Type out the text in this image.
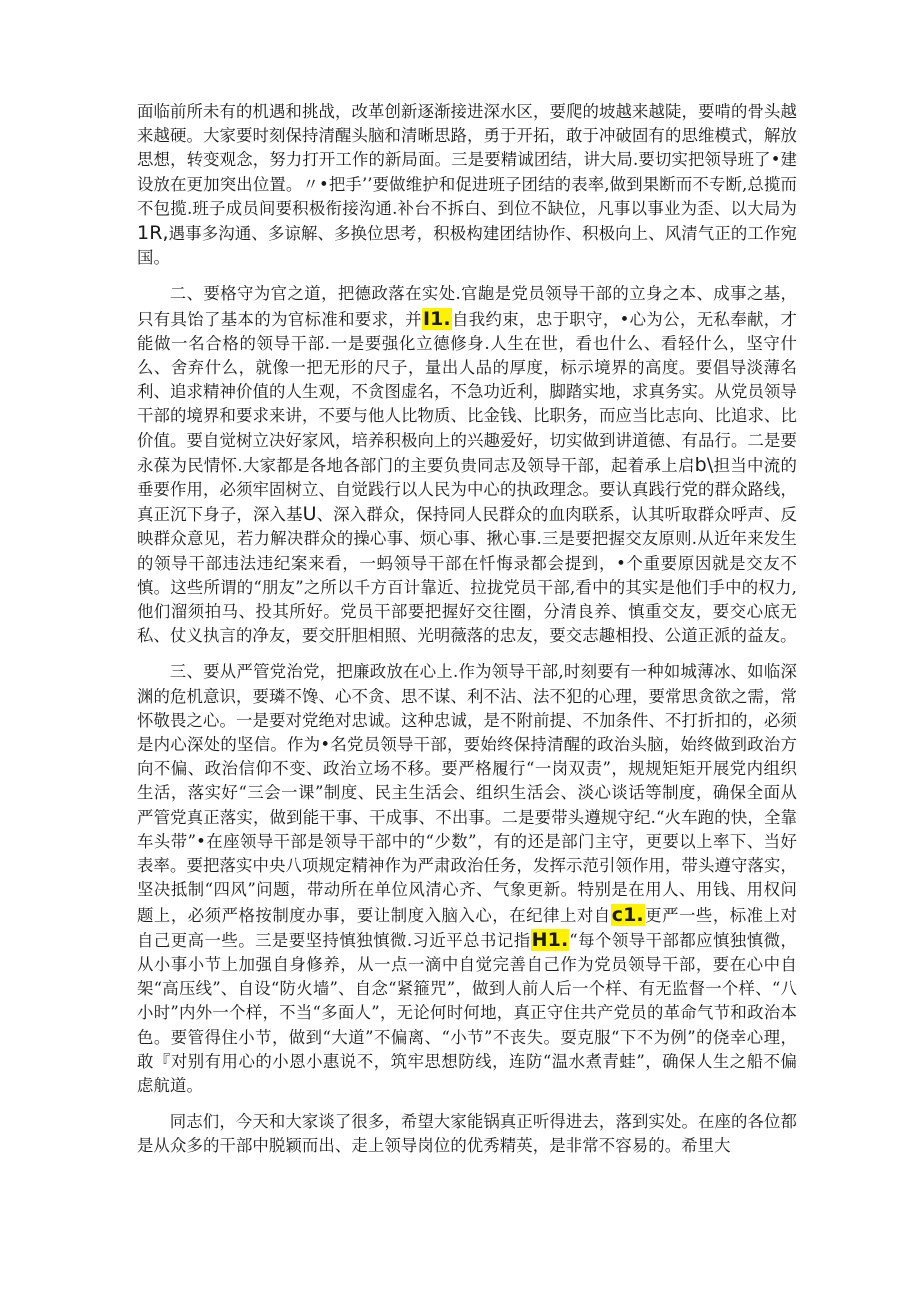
面临前所未有的机遇和挑战，改革创新逐渐接进深水区，要爬的坡越来越陡，要啃的骨头越来越硬。大家要时刻保持清醒头脑和清晰思路，勇于开拓，敢于冲破固有的思维模式，解放思想，转变观念，努力打开工作的新局面。三是要精诚团结，讲大局.要切实把领导班了•建设放在更加突出位置。〃•把手’’要做维护和促进班子团结的表率,做到果断而不专断,总揽而不包揽.班子成员间要积极衔接沟通.补台不拆白、到位不缺位，凡事以事业为歪、以大局为1R,遇事多沟通、多谅解、多换位思考，积极构建团结协作、积极向上、风清气正的工作宛国。

二、要格守为官之道，把德政落在实处.官龅是党员领导干部的立身之本、成事之基，只有具饴了基本的为官标准和要求，并I1.自我约束，忠于职守，•心为公，无私奉献，才能做一名合格的领导干部.一是要强化立德修身.人生在世，看也什么、看轻什么，坚守什么、舍弃什么，就像一把无形的尺子，量出人品的厚度，标示境界的高度。要倡导淡薄名利、追求精神价值的人生观，不贪图虚名，不急功近利，脚踏实地，求真务实。从党员领导干部的境界和要求来讲，不要与他人比物质、比金钱、比职务，而应当比志向、比追求、比价值。要自觉树立决好家风，培养积极向上的兴趣爱好，切实做到讲道德、有品行。二是要永葆为民情怀.大家都是各地各部门的主要负贵同志及领导干部，起着承上启b\担当中流的垂要作用，必须牢固树立、自觉践行以人民为中心的执政理念。要认真践行党的群众路线，真正沉下身子，深入基U、深入群众，保持同人民群众的血肉联系，认其听取群众呼声、反映群众意见，若力解决群众的操心事、烦心事、揪心事.三是要把握交友原则.从近年来发生的领导干部违法违纪案来看，一蚂领导干部在忏悔录都会提到，•个重要原因就是交友不慎。这些所谓的“朋友”之所以千方百计靠近、拉拢党员干部,看中的其实是他们手中的权力,他们溜须拍马、投其所好。党员干部要把握好交往圈，分清良养、慎重交友，要交心底无私、仗义执言的净友，要交肝胆相照、光明薇落的忠友，要交志趣相投、公道正派的益友。

三、要从严管党治党，把廉政放在心上.作为领导干部,时刻要有一种如城薄冰、如临深渊的危机意识，要璘不馋、心不贪、思不谋、利不沾、法不犯的心理，要常思贪欲之需，常怀敬畏之心。一是要对党绝对忠诚。这种忠诚，是不附前提、不加条件、不打折扣的，必须是内心深处的坚信。作为•名党员领导干部，要始终保持清醒的政治头脑，始终做到政治方向不偏、政治信仰不变、政治立场不移。要严格履行“一岗双责”，规规矩矩开展党内组织生活，落实好“三会一课”制度、民主生活会、组织生活会、淡心谈话等制度，确保全面从严管党真正落实，做到能干事、干成事、不出事。二是要带头遵规守纪.“火车跑的快，全靠车头带”•在座领导干部是领导干部中的“少数”，有的还是部门主守，更要以上率下、当好表率。要把落实中央八项规定精神作为严肃政治任务，发挥示范引领作用，带头遵守落实，坚决抵制“四风”问题，带动所在单位风清心齐、气象更新。特别是在用人、用钱、用权问题上，必须严格按制度办事，要让制度入脑入心，在纪律上对自c1.更严一些，标准上对自己更高一些。三是要坚持慎独慎微.习近平总书记指H1.“每个领导干部都应慎独慎微，从小事小节上加强自身修养，从一点一滴中自觉完善自己作为党员领导干部，要在心中自架“高压线”、自设“防火墙”、自念“紧箍咒”，做到人前人后一个样、有无监督一个样、“八小时”内外一个样，不当“多面人”，无论何时何地，真正守住共产党员的革命气节和政治本色。要管得住小节，做到“大道”不偏离、“小节”不丧失。耍克服“下不为例”的侥幸心理，敢『对别有用心的小恩小惠说不，筑牢思想防线，连防“温水煮青蛙”，确保人生之船不偏虑航道。

同志们，今天和大家谈了很多，希望大家能锅真正听得进去，落到实处。在座的各位都是从众多的干部中脱颖而出、走上领导岗位的优秀精英，是非常不容易的。希里大
